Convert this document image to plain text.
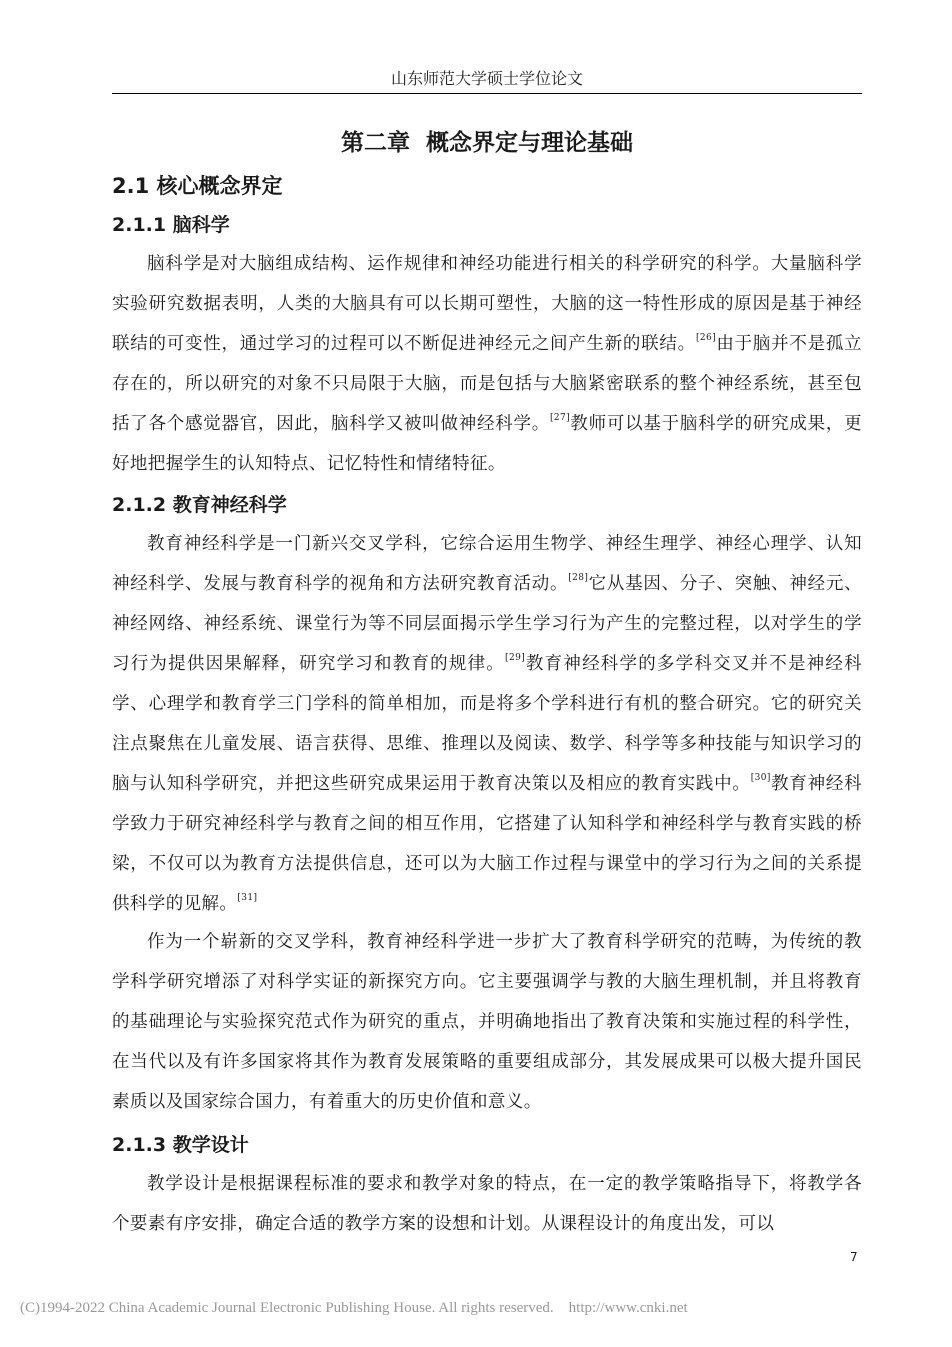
山东师范大学硕士学位论文
第二章  概念界定与理论基础
2.1 核心概念界定
2.1.1 脑科学

脑科学是对大脑组成结构、运作规律和神经功能进行相关的科学研究的科学。大量脑科学实验研究数据表明，人类的大脑具有可以长期可塑性，大脑的这一特性形成的原因是基于神经联结的可变性，通过学习的过程可以不断促进神经元之间产生新的联结。[26]由于脑并不是孤立存在的，所以研究的对象不只局限于大脑，而是包括与大脑紧密联系的整个神经系统，甚至包括了各个感觉器官，因此，脑科学又被叫做神经科学。[27]教师可以基于脑科学的研究成果，更好地把握学生的认知特点、记忆特性和情绪特征。

2.1.2 教育神经科学

教育神经科学是一门新兴交叉学科，它综合运用生物学、神经生理学、神经心理学、认知神经科学、发展与教育科学的视角和方法研究教育活动。[28]它从基因、分子、突触、神经元、神经网络、神经系统、课堂行为等不同层面揭示学生学习行为产生的完整过程，以对学生的学习行为提供因果解释，研究学习和教育的规律。[29]教育神经科学的多学科交叉并不是神经科学、心理学和教育学三门学科的简单相加，而是将多个学科进行有机的整合研究。它的研究关注点聚焦在儿童发展、语言获得、思维、推理以及阅读、数学、科学等多种技能与知识学习的脑与认知科学研究，并把这些研究成果运用于教育决策以及相应的教育实践中。[30]教育神经科学致力于研究神经科学与教育之间的相互作用，它搭建了认知科学和神经科学与教育实践的桥梁，不仅可以为教育方法提供信息，还可以为大脑工作过程与课堂中的学习行为之间的关系提供科学的见解。[31]

作为一个崭新的交叉学科，教育神经科学进一步扩大了教育科学研究的范畴，为传统的教学科学研究增添了对科学实证的新探究方向。它主要强调学与教的大脑生理机制，并且将教育的基础理论与实验探究范式作为研究的重点，并明确地指出了教育决策和实施过程的科学性，在当代以及有许多国家将其作为教育发展策略的重要组成部分，其发展成果可以极大提升国民素质以及国家综合国力，有着重大的历史价值和意义。

2.1.3 教学设计

教学设计是根据课程标准的要求和教学对象的特点，在一定的教学策略指导下，将教学各个要素有序安排，确定合适的教学方案的设想和计划。从课程设计的角度出发，可以

7
(C)1994-2022 China Academic Journal Electronic Publishing House. All rights reserved.    http://www.cnki.net
